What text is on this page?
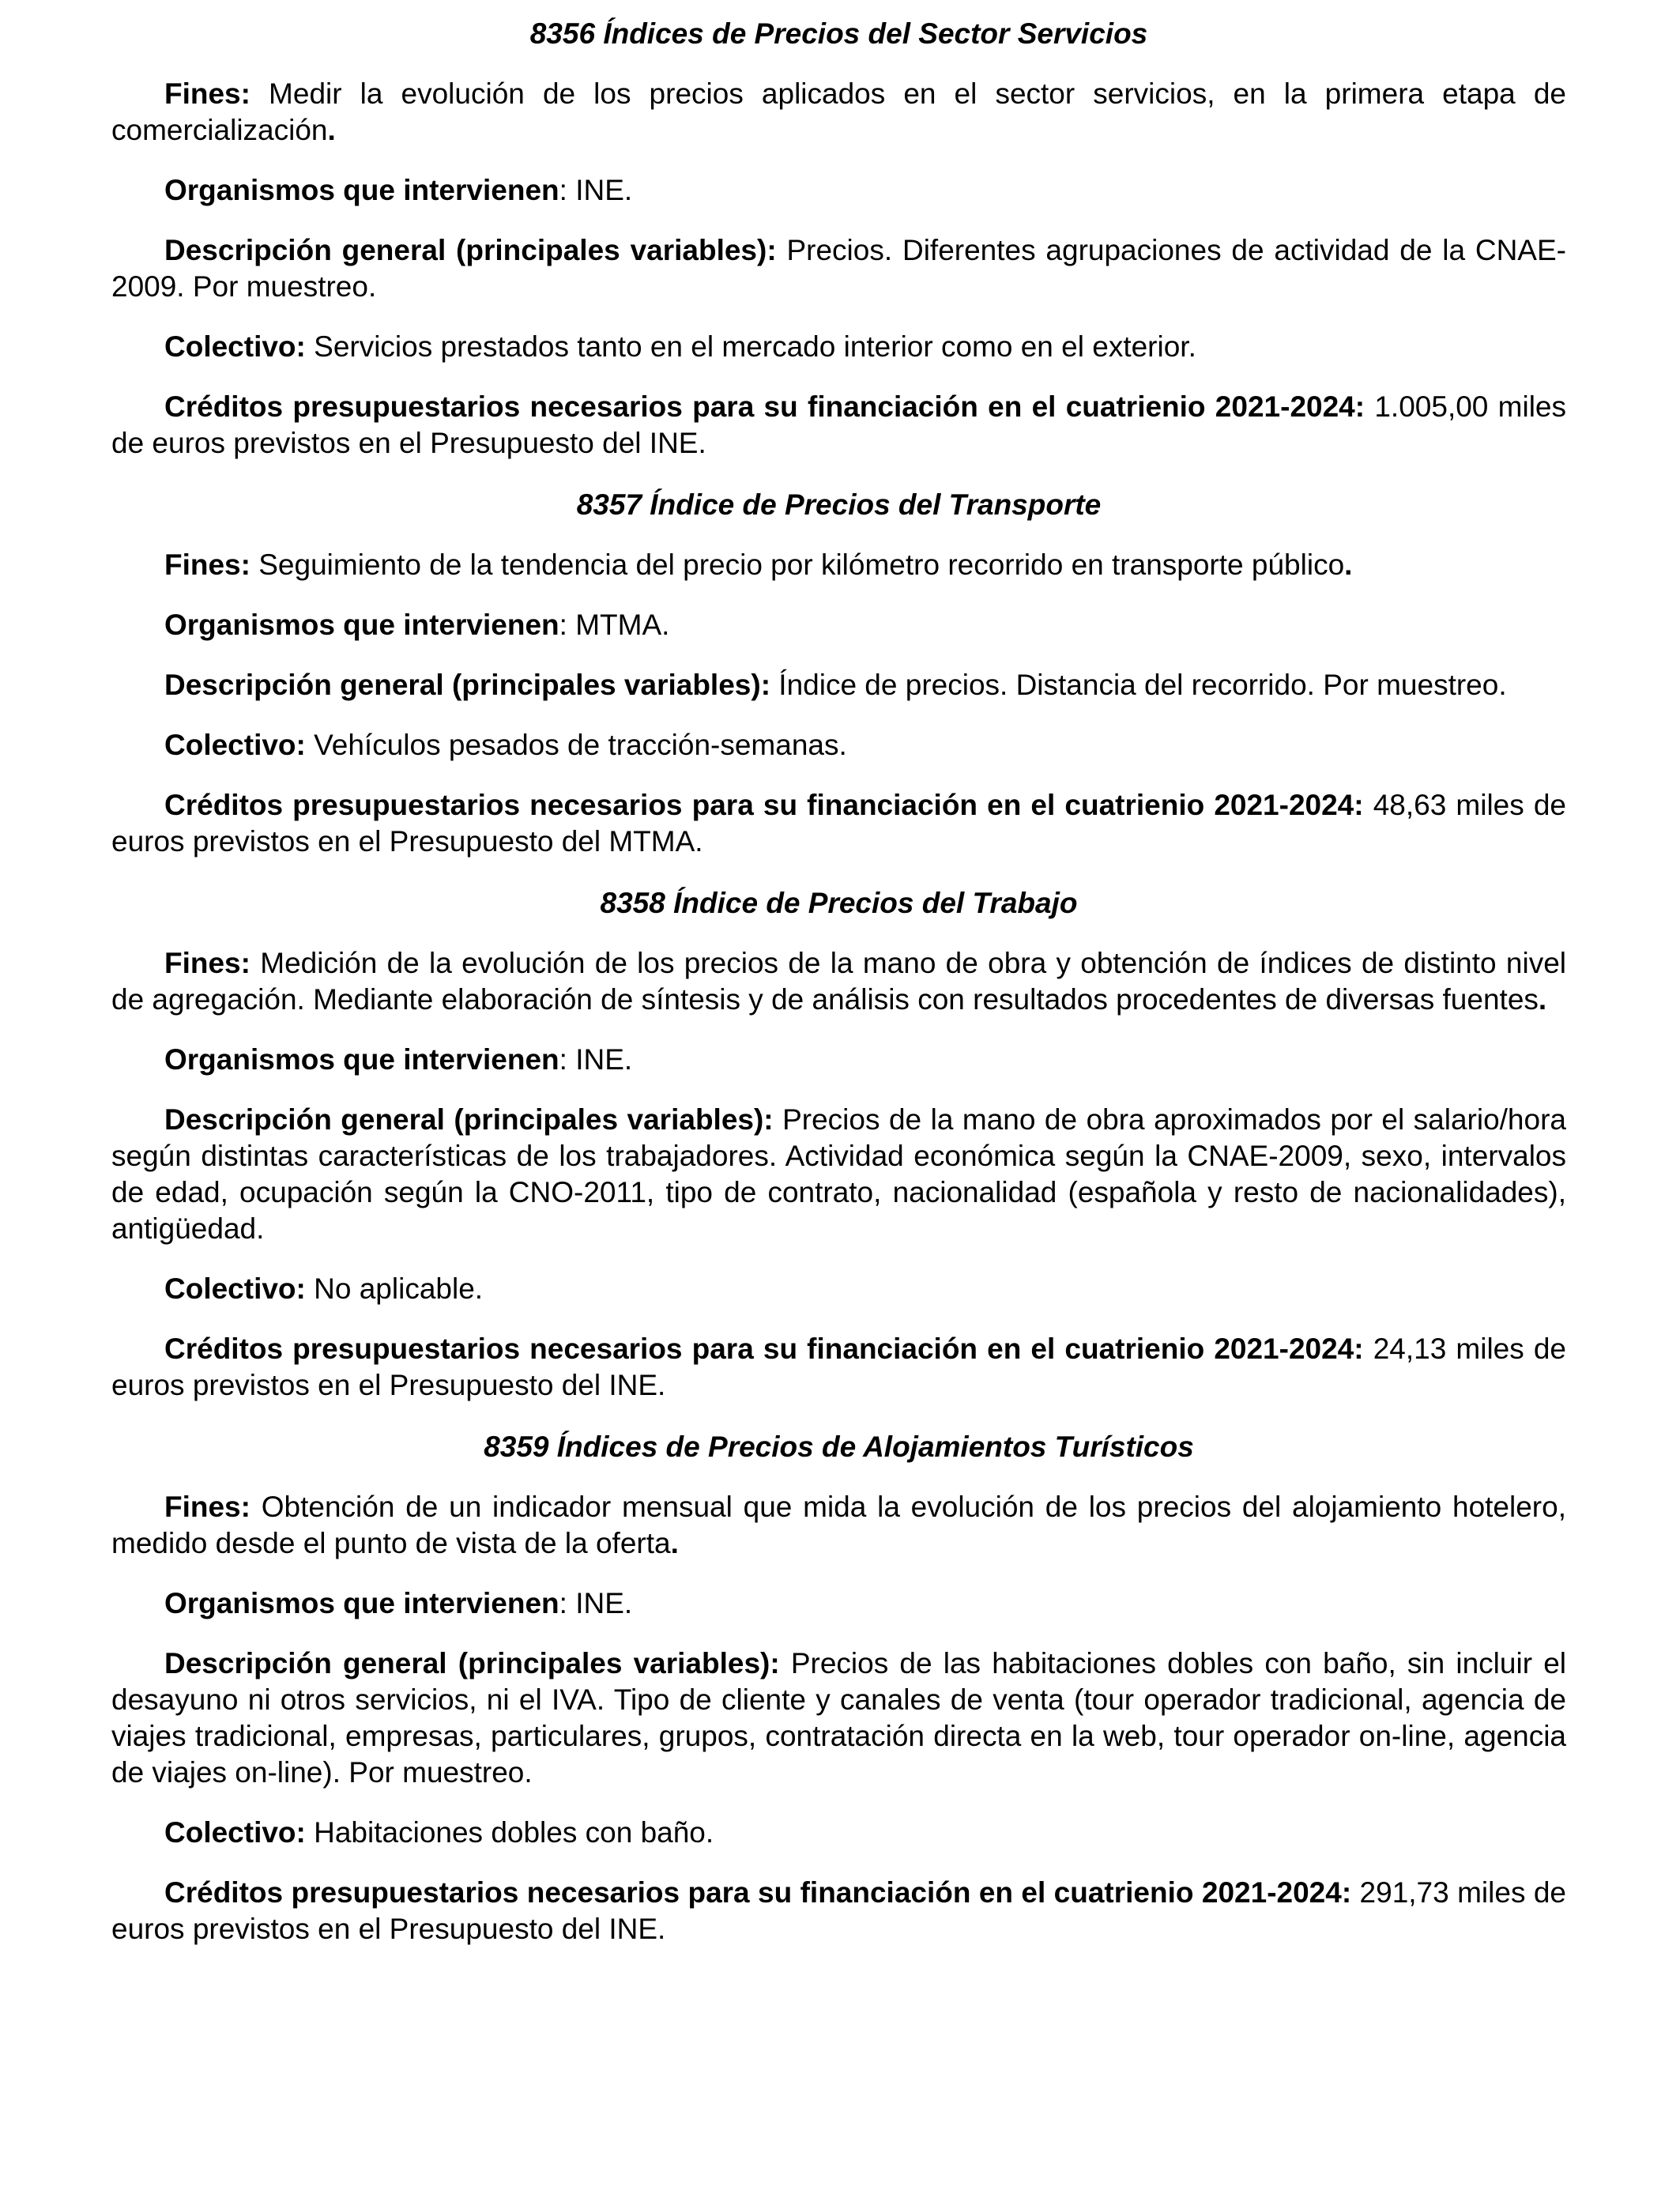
8356 Índices de Precios del Sector Servicios

Fines: Medir la evolución de los precios aplicados en el sector servicios, en la primera etapa de comercialización.

Organismos que intervienen: INE.

Descripción general (principales variables): Precios. Diferentes agrupaciones de actividad de la CNAE-2009. Por muestreo.

Colectivo: Servicios prestados tanto en el mercado interior como en el exterior.

Créditos presupuestarios necesarios para su financiación en el cuatrienio 2021-2024: 1.005,00 miles de euros previstos en el Presupuesto del INE.

8357 Índice de Precios del Transporte

Fines: Seguimiento de la tendencia del precio por kilómetro recorrido en transporte público.

Organismos que intervienen: MTMA.

Descripción general (principales variables): Índice de precios. Distancia del recorrido. Por muestreo.

Colectivo: Vehículos pesados de tracción-semanas.

Créditos presupuestarios necesarios para su financiación en el cuatrienio 2021-2024: 48,63 miles de euros previstos en el Presupuesto del MTMA.

8358 Índice de Precios del Trabajo

Fines: Medición de la evolución de los precios de la mano de obra y obtención de índices de distinto nivel de agregación. Mediante elaboración de síntesis y de análisis con resultados procedentes de diversas fuentes.

Organismos que intervienen: INE.

Descripción general (principales variables): Precios de la mano de obra aproximados por el salario/hora según distintas características de los trabajadores. Actividad económica según la CNAE-2009, sexo, intervalos de edad, ocupación según la CNO-2011, tipo de contrato, nacionalidad (española y resto de nacionalidades), antigüedad.

Colectivo: No aplicable.

Créditos presupuestarios necesarios para su financiación en el cuatrienio 2021-2024: 24,13 miles de euros previstos en el Presupuesto del INE.

8359 Índices de Precios de Alojamientos Turísticos

Fines: Obtención de un indicador mensual que mida la evolución de los precios del alojamiento hotelero, medido desde el punto de vista de la oferta.

Organismos que intervienen: INE.

Descripción general (principales variables): Precios de las habitaciones dobles con baño, sin incluir el desayuno ni otros servicios, ni el IVA. Tipo de cliente y canales de venta (tour operador tradicional, agencia de viajes tradicional, empresas, particulares, grupos, contratación directa en la web, tour operador on-line, agencia de viajes on-line). Por muestreo.

Colectivo: Habitaciones dobles con baño.

Créditos presupuestarios necesarios para su financiación en el cuatrienio 2021-2024: 291,73 miles de euros previstos en el Presupuesto del INE.
